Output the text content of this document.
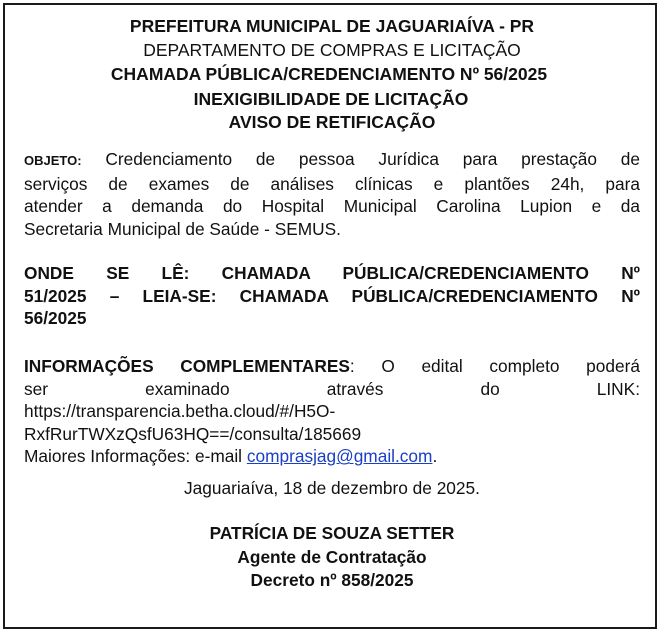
PREFEITURA MUNICIPAL DE JAGUARIAÍVA - PR
DEPARTAMENTO DE COMPRAS E LICITAÇÃO
CHAMADA PÚBLICA/CREDENCIAMENTO Nº 56/2025
INEXIGIBILIDADE DE LICITAÇÃO
AVISO DE RETIFICAÇÃO
OBJETO: Credenciamento de pessoa Jurídica para prestação de
serviços de exames de análises clínicas e plantões 24h, para
atender a demanda do Hospital Municipal Carolina Lupion e da
Secretaria Municipal de Saúde - SEMUS.
ONDE SE LÊ: CHAMADA PÚBLICA/CREDENCIAMENTO Nº
51/2025 – LEIA-SE: CHAMADA PÚBLICA/CREDENCIAMENTO Nº
56/2025
INFORMAÇÕES COMPLEMENTARES: O edital completo poderá
ser examinado através do LINK:
https://transparencia.betha.cloud/#/H5O-
RxfRurTWXzQsfU63HQ==/consulta/185669
Maiores Informações: e-mail comprasjag@gmail.com.
Jaguariaíva, 18 de dezembro de 2025.
PATRÍCIA DE SOUZA SETTER
Agente de Contratação
Decreto nº 858/2025
